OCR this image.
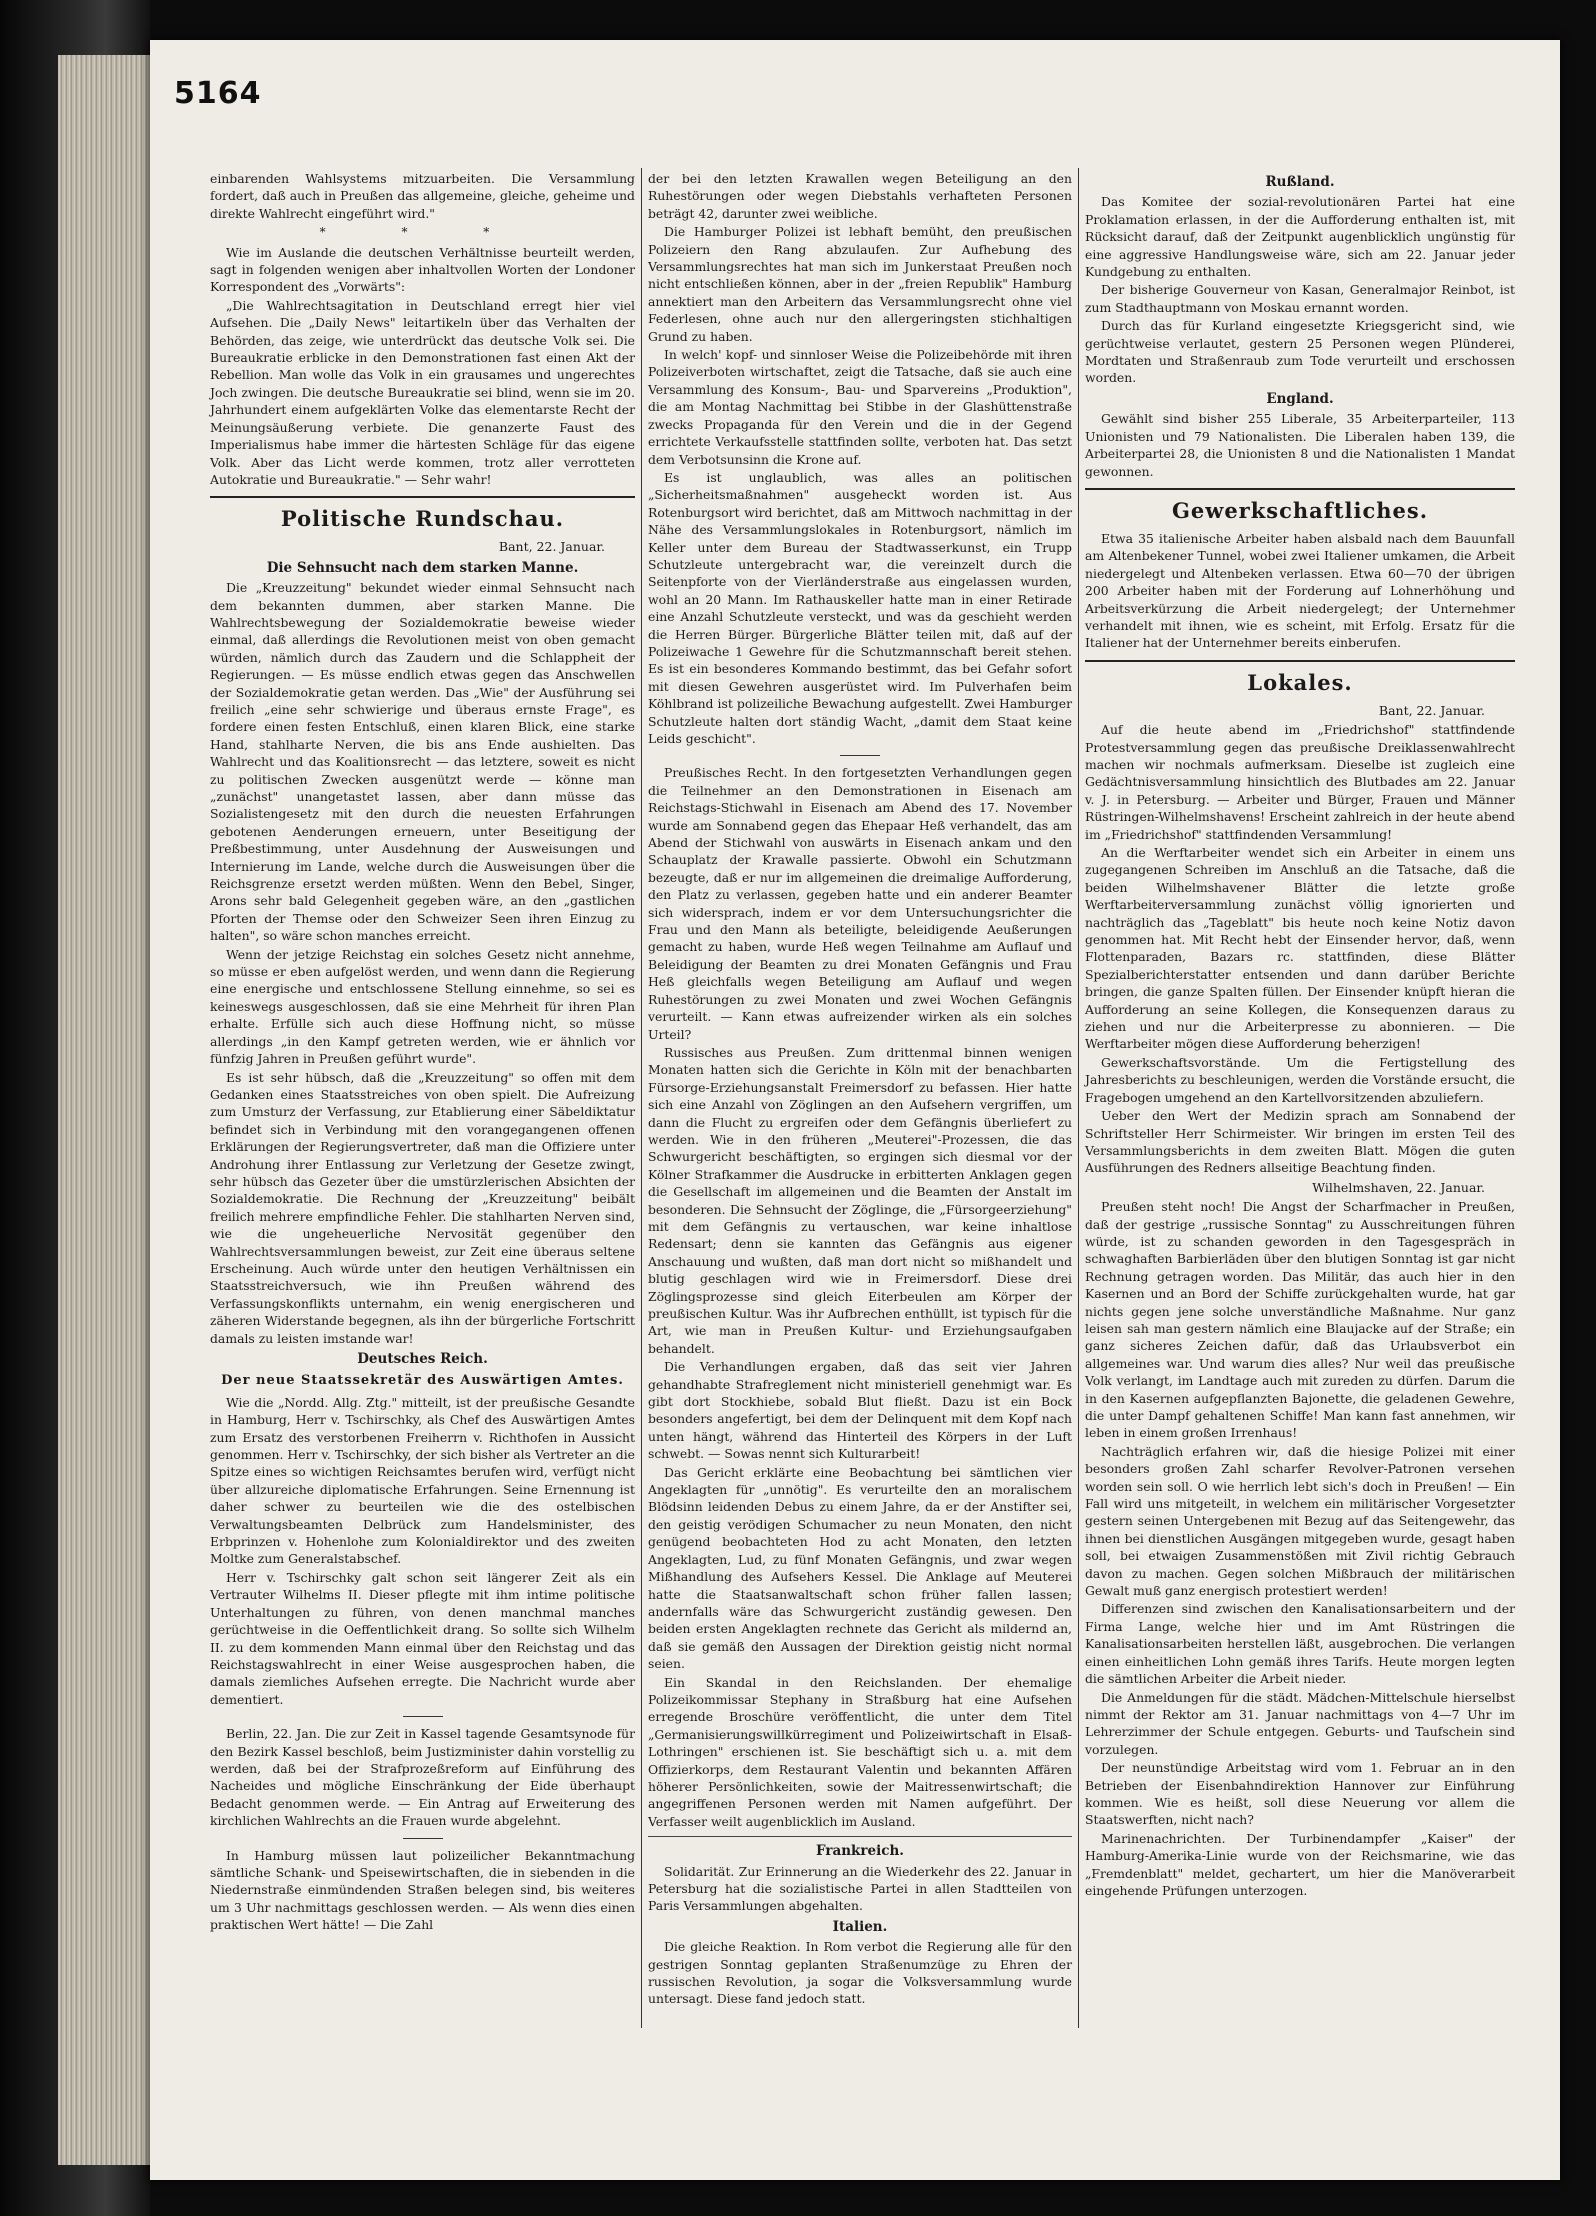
5164

einbarenden Wahlsystems mitzuarbeiten. Die Versammlung fordert, daß auch in Preußen das allgemeine, gleiche, geheime und direkte Wahlrecht eingeführt wird."

* * *

Wie im Auslande die deutschen Verhältnisse beurteilt werden, sagt in folgenden wenigen aber inhaltvollen Worten der Londoner Korrespondent des „Vorwärts":

„Die Wahlrechtsagitation in Deutschland erregt hier viel Aufsehen. Die „Daily News" leitartikeln über das Verhalten der Behörden, das zeige, wie unterdrückt das deutsche Volk sei. Die Bureaukratie erblicke in den Demonstrationen fast einen Akt der Rebellion. Man wolle das Volk in ein grausames und ungerechtes Joch zwingen. Die deutsche Bureaukratie sei blind, wenn sie im 20. Jahrhundert einem aufgeklärten Volke das elementarste Recht der Meinungsäußerung verbiete. Die genanzerte Faust des Imperialismus habe immer die härtesten Schläge für das eigene Volk. Aber das Licht werde kommen, trotz aller verrotteten Autokratie und Bureaukratie." — Sehr wahr!

Politische Rundschau.
Bant, 22. Januar.
Die Sehnsucht nach dem starken Manne.

Die „Kreuzzeitung" bekundet wieder einmal Sehnsucht nach dem bekannten dummen, aber starken Manne. Die Wahlrechtsbewegung der Sozialdemokratie beweise wieder einmal, daß allerdings die Revolutionen meist von oben gemacht würden, nämlich durch das Zaudern und die Schlappheit der Regierungen. — Es müsse endlich etwas gegen das Anschwellen der Sozialdemokratie getan werden. Das „Wie" der Ausführung sei freilich „eine sehr schwierige und überaus ernste Frage", es fordere einen festen Entschluß, einen klaren Blick, eine starke Hand, stahlharte Nerven, die bis ans Ende aushielten. Das Wahlrecht und das Koalitionsrecht — das letztere, soweit es nicht zu politischen Zwecken ausgenützt werde — könne man „zunächst" unangetastet lassen, aber dann müsse das Sozialistengesetz mit den durch die neuesten Erfahrungen gebotenen Aenderungen erneuern, unter Beseitigung der Preßbestimmung, unter Ausdehnung der Ausweisungen und Internierung im Lande, welche durch die Ausweisungen über die Reichsgrenze ersetzt werden müßten. Wenn den Bebel, Singer, Arons sehr bald Gelegenheit gegeben wäre, an den „gastlichen Pforten der Themse oder den Schweizer Seen ihren Einzug zu halten", so wäre schon manches erreicht.

Wenn der jetzige Reichstag ein solches Gesetz nicht annehme, so müsse er eben aufgelöst werden, und wenn dann die Regierung eine energische und entschlossene Stellung einnehme, so sei es keineswegs ausgeschlossen, daß sie eine Mehrheit für ihren Plan erhalte. Erfülle sich auch diese Hoffnung nicht, so müsse allerdings „in den Kampf getreten werden, wie er ähnlich vor fünfzig Jahren in Preußen geführt wurde".

Es ist sehr hübsch, daß die „Kreuzzeitung" so offen mit dem Gedanken eines Staatsstreiches von oben spielt. Die Aufreizung zum Umsturz der Verfassung, zur Etablierung einer Säbeldiktatur befindet sich in Verbindung mit den vorangegangenen offenen Erklärungen der Regierungsvertreter, daß man die Offiziere unter Androhung ihrer Entlassung zur Verletzung der Gesetze zwingt, sehr hübsch das Gezeter über die umstürzlerischen Absichten der Sozialdemokratie. Die Rechnung der „Kreuzzeitung" beibält freilich mehrere empfindliche Fehler. Die stahlharten Nerven sind, wie die ungeheuerliche Nervosität gegenüber den Wahlrechtsversammlungen beweist, zur Zeit eine überaus seltene Erscheinung. Auch würde unter den heutigen Verhältnissen ein Staatsstreichversuch, wie ihn Preußen während des Verfassungskonflikts unternahm, ein wenig energischeren und zäheren Widerstande begegnen, als ihn der bürgerliche Fortschritt damals zu leisten imstande war!

Deutsches Reich.
Der neue Staatssekretär des Auswärtigen Amtes.

Wie die „Nordd. Allg. Ztg." mitteilt, ist der preußische Gesandte in Hamburg, Herr v. Tschirschky, als Chef des Auswärtigen Amtes zum Ersatz des verstorbenen Freiherrn v. Richthofen in Aussicht genommen. Herr v. Tschirschky, der sich bisher als Vertreter an die Spitze eines so wichtigen Reichsamtes berufen wird, verfügt nicht über allzureiche diplomatische Erfahrungen. Seine Ernennung ist daher schwer zu beurteilen wie die des ostelbischen Verwaltungsbeamten Delbrück zum Handelsminister, des Erbprinzen v. Hohenlohe zum Kolonialdirektor und des zweiten Moltke zum Generalstabschef.

Herr v. Tschirschky galt schon seit längerer Zeit als ein Vertrauter Wilhelms II. Dieser pflegte mit ihm intime politische Unterhaltungen zu führen, von denen manchmal manches gerüchtweise in die Oeffentlichkeit drang. So sollte sich Wilhelm II. zu dem kommenden Mann einmal über den Reichstag und das Reichstagswahlrecht in einer Weise ausgesprochen haben, die damals ziemliches Aufsehen erregte. Die Nachricht wurde aber dementiert.

Berlin, 22. Jan. Die zur Zeit in Kassel tagende Gesamtsynode für den Bezirk Kassel beschloß, beim Justizminister dahin vorstellig zu werden, daß bei der Strafprozeßreform auf Einführung des Nacheides und mögliche Einschränkung der Eide überhaupt Bedacht genommen werde. — Ein Antrag auf Erweiterung des kirchlichen Wahlrechts an die Frauen wurde abgelehnt.

In Hamburg müssen laut polizeilicher Bekanntmachung sämtliche Schank- und Speisewirtschaften, die in siebenden in die Niedernstraße einmündenden Straßen belegen sind, bis weiteres um 3 Uhr nachmittags geschlossen werden. — Als wenn dies einen praktischen Wert hätte! — Die Zahl

der bei den letzten Krawallen wegen Beteiligung an den Ruhestörungen oder wegen Diebstahls verhafteten Personen beträgt 42, darunter zwei weibliche.

Die Hamburger Polizei ist lebhaft bemüht, den preußischen Polizeiern den Rang abzulaufen. Zur Aufhebung des Versammlungsrechtes hat man sich im Junkerstaat Preußen noch nicht entschließen können, aber in der „freien Republik" Hamburg annektiert man den Arbeitern das Versammlungsrecht ohne viel Federlesen, ohne auch nur den allergeringsten stichhaltigen Grund zu haben.

In welch' kopf- und sinnloser Weise die Polizeibehörde mit ihren Polizeiverboten wirtschaftet, zeigt die Tatsache, daß sie auch eine Versammlung des Konsum-, Bau- und Sparvereins „Produktion", die am Montag Nachmittag bei Stibbe in der Glashüttenstraße zwecks Propaganda für den Verein und die in der Gegend errichtete Verkaufsstelle stattfinden sollte, verboten hat. Das setzt dem Verbotsunsinn die Krone auf.

Es ist unglaublich, was alles an politischen „Sicherheitsmaßnahmen" ausgeheckt worden ist. Aus Rotenburgsort wird berichtet, daß am Mittwoch nachmittag in der Nähe des Versammlungslokales in Rotenburgsort, nämlich im Keller unter dem Bureau der Stadtwasserkunst, ein Trupp Schutzleute untergebracht war, die vereinzelt durch die Seitenpforte von der Vierländerstraße aus eingelassen wurden, wohl an 20 Mann. Im Rathauskeller hatte man in einer Retirade eine Anzahl Schutzleute versteckt, und was da geschieht werden die Herren Bürger. Bürgerliche Blätter teilen mit, daß auf der Polizeiwache 1 Gewehre für die Schutzmannschaft bereit stehen. Es ist ein besonderes Kommando bestimmt, das bei Gefahr sofort mit diesen Gewehren ausgerüstet wird. Im Pulverhafen beim Köhlbrand ist polizeiliche Bewachung aufgestellt. Zwei Hamburger Schutzleute halten dort ständig Wacht, „damit dem Staat keine Leids geschicht".

Preußisches Recht. In den fortgesetzten Verhandlungen gegen die Teilnehmer an den Demonstrationen in Eisenach am Reichstags-Stichwahl in Eisenach am Abend des 17. November wurde am Sonnabend gegen das Ehepaar Heß verhandelt, das am Abend der Stichwahl von auswärts in Eisenach ankam und den Schauplatz der Krawalle passierte. Obwohl ein Schutzmann bezeugte, daß er nur im allgemeinen die dreimalige Aufforderung, den Platz zu verlassen, gegeben hatte und ein anderer Beamter sich widersprach, indem er vor dem Untersuchungsrichter die Frau und den Mann als beteiligte, beleidigende Aeußerungen gemacht zu haben, wurde Heß wegen Teilnahme am Auflauf und Beleidigung der Beamten zu drei Monaten Gefängnis und Frau Heß gleichfalls wegen Beteiligung am Auflauf und wegen Ruhestörungen zu zwei Monaten und zwei Wochen Gefängnis verurteilt. — Kann etwas aufreizender wirken als ein solches Urteil?

Russisches aus Preußen. Zum drittenmal binnen wenigen Monaten hatten sich die Gerichte in Köln mit der benachbarten Fürsorge-Erziehungsanstalt Freimersdorf zu befassen. Hier hatte sich eine Anzahl von Zöglingen an den Aufsehern vergriffen, um dann die Flucht zu ergreifen oder dem Gefängnis überliefert zu werden. Wie in den früheren „Meuterei"-Prozessen, die das Schwurgericht beschäftigten, so ergingen sich diesmal vor der Kölner Strafkammer die Ausdrucke in erbitterten Anklagen gegen die Gesellschaft im allgemeinen und die Beamten der Anstalt im besonderen. Die Sehnsucht der Zöglinge, die „Fürsorgeerziehung" mit dem Gefängnis zu vertauschen, war keine inhaltlose Redensart; denn sie kannten das Gefängnis aus eigener Anschauung und wußten, daß man dort nicht so mißhandelt und blutig geschlagen wird wie in Freimersdorf. Diese drei Zöglingsprozesse sind gleich Eiterbeulen am Körper der preußischen Kultur. Was ihr Aufbrechen enthüllt, ist typisch für die Art, wie man in Preußen Kultur- und Erziehungsaufgaben behandelt.

Die Verhandlungen ergaben, daß das seit vier Jahren gehandhabte Strafreglement nicht ministeriell genehmigt war. Es gibt dort Stockhiebe, sobald Blut fließt. Dazu ist ein Bock besonders angefertigt, bei dem der Delinquent mit dem Kopf nach unten hängt, während das Hinterteil des Körpers in der Luft schwebt. — Sowas nennt sich Kulturarbeit!

Das Gericht erklärte eine Beobachtung bei sämtlichen vier Angeklagten für „unnötig". Es verurteilte den an moralischem Blödsinn leidenden Debus zu einem Jahre, da er der Anstifter sei, den geistig verödigen Schumacher zu neun Monaten, den nicht genügend beobachteten Hod zu acht Monaten, den letzten Angeklagten, Lud, zu fünf Monaten Gefängnis, und zwar wegen Mißhandlung des Aufsehers Kessel. Die Anklage auf Meuterei hatte die Staatsanwaltschaft schon früher fallen lassen; andernfalls wäre das Schwurgericht zuständig gewesen. Den beiden ersten Angeklagten rechnete das Gericht als mildernd an, daß sie gemäß den Aussagen der Direktion geistig nicht normal seien.

Ein Skandal in den Reichslanden. Der ehemalige Polizeikommissar Stephany in Straßburg hat eine Aufsehen erregende Broschüre veröffentlicht, die unter dem Titel „Germanisierungswillkürregiment und Polizeiwirtschaft in Elsaß-Lothringen" erschienen ist. Sie beschäftigt sich u. a. mit dem Offizierkorps, dem Restaurant Valentin und bekannten Affären höherer Persönlichkeiten, sowie der Maitressenwirtschaft; die angegriffenen Personen werden mit Namen aufgeführt. Der Verfasser weilt augenblicklich im Ausland.

Frankreich.

Solidarität. Zur Erinnerung an die Wiederkehr des 22. Januar in Petersburg hat die sozialistische Partei in allen Stadtteilen von Paris Versammlungen abgehalten.

Italien.

Die gleiche Reaktion. In Rom verbot die Regierung alle für den gestrigen Sonntag geplanten Straßenumzüge zu Ehren der russischen Revolution, ja sogar die Volksversammlung wurde untersagt. Diese fand jedoch statt.

Rußland.

Das Komitee der sozial-revolutionären Partei hat eine Proklamation erlassen, in der die Aufforderung enthalten ist, mit Rücksicht darauf, daß der Zeitpunkt augenblicklich ungünstig für eine aggressive Handlungsweise wäre, sich am 22. Januar jeder Kundgebung zu enthalten.

Der bisherige Gouverneur von Kasan, Generalmajor Reinbot, ist zum Stadthauptmann von Moskau ernannt worden.

Durch das für Kurland eingesetzte Kriegsgericht sind, wie gerüchtweise verlautet, gestern 25 Personen wegen Plünderei, Mordtaten und Straßenraub zum Tode verurteilt und erschossen worden.

England.

Gewählt sind bisher 255 Liberale, 35 Arbeiterparteiler, 113 Unionisten und 79 Nationalisten. Die Liberalen haben 139, die Arbeiterpartei 28, die Unionisten 8 und die Nationalisten 1 Mandat gewonnen.

Gewerkschaftliches.

Etwa 35 italienische Arbeiter haben alsbald nach dem Bauunfall am Altenbekener Tunnel, wobei zwei Italiener umkamen, die Arbeit niedergelegt und Altenbeken verlassen. Etwa 60—70 der übrigen 200 Arbeiter haben mit der Forderung auf Lohnerhöhung und Arbeitsverkürzung die Arbeit niedergelegt; der Unternehmer verhandelt mit ihnen, wie es scheint, mit Erfolg. Ersatz für die Italiener hat der Unternehmer bereits einberufen.

Lokales.
Bant, 22. Januar.

Auf die heute abend im „Friedrichshof" stattfindende Protestversammlung gegen das preußische Dreiklassenwahlrecht machen wir nochmals aufmerksam. Dieselbe ist zugleich eine Gedächtnisversammlung hinsichtlich des Blutbades am 22. Januar v. J. in Petersburg. — Arbeiter und Bürger, Frauen und Männer Rüstringen-Wilhelmshavens! Erscheint zahlreich in der heute abend im „Friedrichshof" stattfindenden Versammlung!

An die Werftarbeiter wendet sich ein Arbeiter in einem uns zugegangenen Schreiben im Anschluß an die Tatsache, daß die beiden Wilhelmshavener Blätter die letzte große Werftarbeiterversammlung zunächst völlig ignorierten und nachträglich das „Tageblatt" bis heute noch keine Notiz davon genommen hat. Mit Recht hebt der Einsender hervor, daß, wenn Flottenparaden, Bazars rc. stattfinden, diese Blätter Spezialberichterstatter entsenden und dann darüber Berichte bringen, die ganze Spalten füllen. Der Einsender knüpft hieran die Aufforderung an seine Kollegen, die Konsequenzen daraus zu ziehen und nur die Arbeiterpresse zu abonnieren. — Die Werftarbeiter mögen diese Aufforderung beherzigen!

Gewerkschaftsvorstände. Um die Fertigstellung des Jahresberichts zu beschleunigen, werden die Vorstände ersucht, die Fragebogen umgehend an den Kartellvorsitzenden abzuliefern.

Ueber den Wert der Medizin sprach am Sonnabend der Schriftsteller Herr Schirmeister. Wir bringen im ersten Teil des Versammlungsberichts in dem zweiten Blatt. Mögen die guten Ausführungen des Redners allseitige Beachtung finden.

Wilhelmshaven, 22. Januar.

Preußen steht noch! Die Angst der Scharfmacher in Preußen, daß der gestrige „russische Sonntag" zu Ausschreitungen führen würde, ist zu schanden geworden in den Tagesgespräch in schwaghaften Barbierläden über den blutigen Sonntag ist gar nicht Rechnung getragen worden. Das Militär, das auch hier in den Kasernen und an Bord der Schiffe zurückgehalten wurde, hat gar nichts gegen jene solche unverständliche Maßnahme. Nur ganz leisen sah man gestern nämlich eine Blaujacke auf der Straße; ein ganz sicheres Zeichen dafür, daß das Urlaubsverbot ein allgemeines war. Und warum dies alles? Nur weil das preußische Volk verlangt, im Landtage auch mit zureden zu dürfen. Darum die in den Kasernen aufgepflanzten Bajonette, die geladenen Gewehre, die unter Dampf gehaltenen Schiffe! Man kann fast annehmen, wir leben in einem großen Irrenhaus!

Nachträglich erfahren wir, daß die hiesige Polizei mit einer besonders großen Zahl scharfer Revolver-Patronen versehen worden sein soll. O wie herrlich lebt sich's doch in Preußen! — Ein Fall wird uns mitgeteilt, in welchem ein militärischer Vorgesetzter gestern seinen Untergebenen mit Bezug auf das Seitengewehr, das ihnen bei dienstlichen Ausgängen mitgegeben wurde, gesagt haben soll, bei etwaigen Zusammenstößen mit Zivil richtig Gebrauch davon zu machen. Gegen solchen Mißbrauch der militärischen Gewalt muß ganz energisch protestiert werden!

Differenzen sind zwischen den Kanalisationsarbeitern und der Firma Lange, welche hier und im Amt Rüstringen die Kanalisationsarbeiten herstellen läßt, ausgebrochen. Die verlangen einen einheitlichen Lohn gemäß ihres Tarifs. Heute morgen legten die sämtlichen Arbeiter die Arbeit nieder.

Die Anmeldungen für die städt. Mädchen-Mittelschule hierselbst nimmt der Rektor am 31. Januar nachmittags von 4—7 Uhr im Lehrerzimmer der Schule entgegen. Geburts- und Taufschein sind vorzulegen.

Der neunstündige Arbeitstag wird vom 1. Februar an in den Betrieben der Eisenbahndirektion Hannover zur Einführung kommen. Wie es heißt, soll diese Neuerung vor allem die Staatswerften, nicht nach?

Marinenachrichten. Der Turbinendampfer „Kaiser" der Hamburg-Amerika-Linie wurde von der Reichsmarine, wie das „Fremdenblatt" meldet, gechartert, um hier die Manöverarbeit eingehende Prüfungen unterzogen.
